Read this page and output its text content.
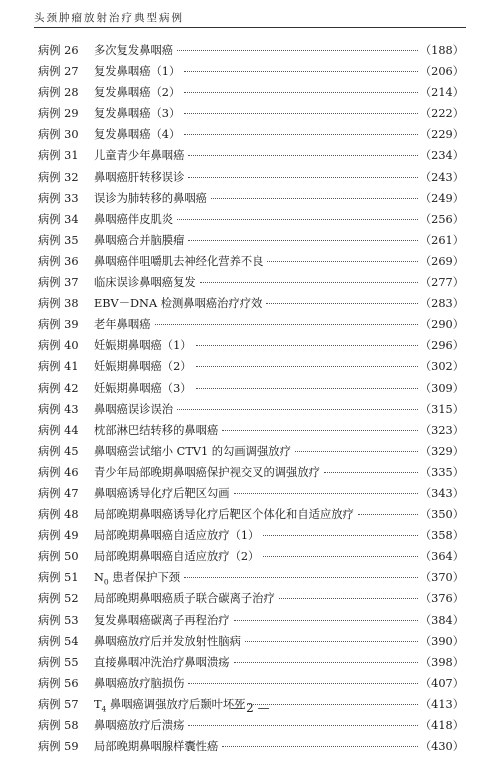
头颈肿瘤放射治疗典型病例
病例 26	多次复发鼻咽癌	（188）
病例 27	复发鼻咽癌（1）	（206）
病例 28	复发鼻咽癌（2）	（214）
病例 29	复发鼻咽癌（3）	（222）
病例 30	复发鼻咽癌（4）	（229）
病例 31	儿童青少年鼻咽癌	（234）
病例 32	鼻咽癌肝转移误诊	（243）
病例 33	误诊为肺转移的鼻咽癌	（249）
病例 34	鼻咽癌伴皮肌炎	（256）
病例 35	鼻咽癌合并脑膜瘤	（261）
病例 36	鼻咽癌伴咀嚼肌去神经化营养不良	（269）
病例 37	临床误诊鼻咽癌复发	（277）
病例 38	EBV－DNA 检测鼻咽癌治疗疗效	（283）
病例 39	老年鼻咽癌	（290）
病例 40	妊娠期鼻咽癌（1）	（296）
病例 41	妊娠期鼻咽癌（2）	（302）
病例 42	妊娠期鼻咽癌（3）	（309）
病例 43	鼻咽癌误诊误治	（315）
病例 44	枕部淋巴结转移的鼻咽癌	（323）
病例 45	鼻咽癌尝试缩小 CTV1 的勾画调强放疗	（329）
病例 46	青少年局部晚期鼻咽癌保护视交叉的调强放疗	（335）
病例 47	鼻咽癌诱导化疗后靶区勾画	（343）
病例 48	局部晚期鼻咽癌诱导化疗后靶区个体化和自适应放疗	（350）
病例 49	局部晚期鼻咽癌自适应放疗（1）	（358）
病例 50	局部晚期鼻咽癌自适应放疗（2）	（364）
病例 51	$N_0$ 患者保护下颈	（370）
病例 52	局部晚期鼻咽癌质子联合碳离子治疗	（376）
病例 53	复发鼻咽癌碳离子再程治疗	（384）
病例 54	鼻咽癌放疗后并发放射性脑病	（390）
病例 55	直接鼻咽冲洗治疗鼻咽溃疡	（398）
病例 56	鼻咽癌放疗脑损伤	（407）
病例 57	$T_4$ 鼻咽癌调强放疗后颞叶坏死	（413）
病例 58	鼻咽癌放疗后溃疡	（418）
病例 59	局部晚期鼻咽腺样囊性癌	（430）
— 2 —
